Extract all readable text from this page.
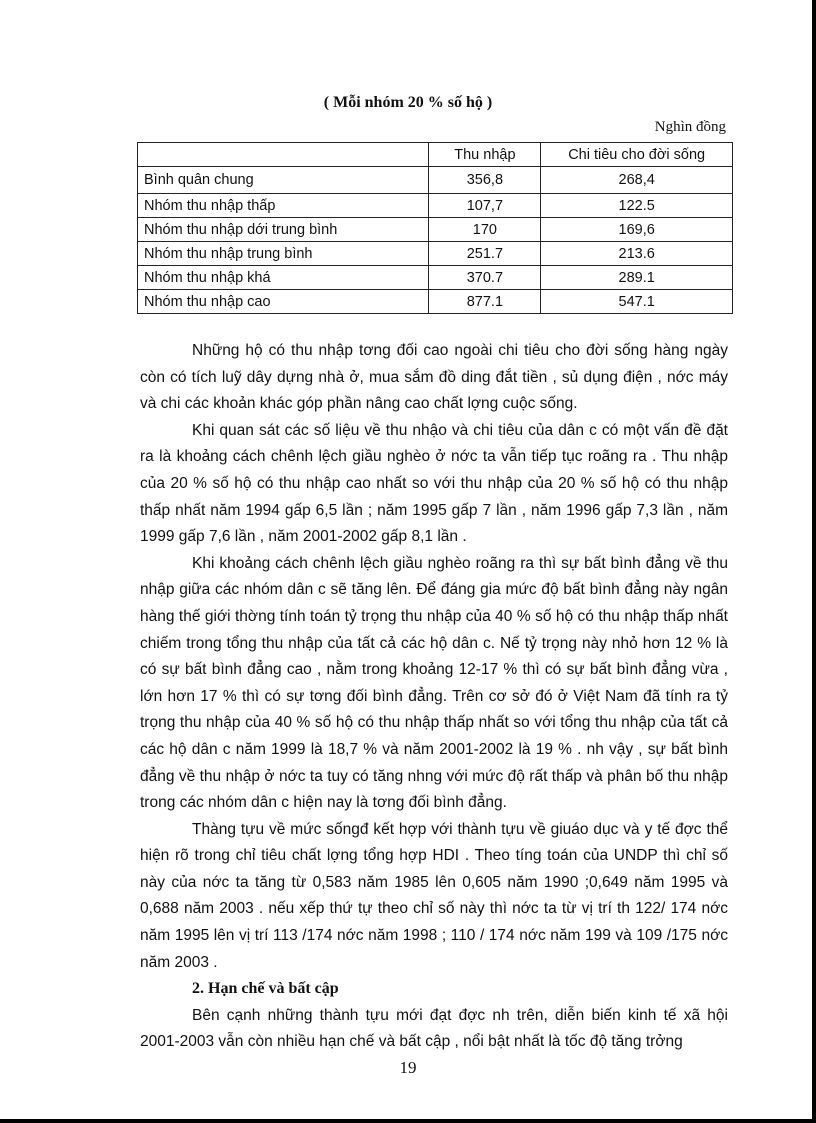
( Mỗi nhóm 20 % số hộ )
Nghìn đồng
	Thu nhập	Chi tiêu cho đời sống
Bình quân chung	356,8	268,4
Nhóm thu nhập thấp	107,7	122.5
Nhóm thu nhập dới trung bình	170	169,6
Nhóm thu nhập trung bình	251.7	213.6
Nhóm thu nhập khá	370.7	289.1
Nhóm thu nhập cao	877.1	547.1

Những hộ có thu nhập tơng đối cao ngoài chi tiêu cho đời sống hàng ngày còn có tích luỹ dây dựng nhà ở, mua sắm đồ ding đắt tiền , sủ dụng điện , nớc máy và chi các khoản khác góp phần nâng cao chất lợng cuộc sống.

Khi quan sát các số liệu về thu nhậo và chi tiêu của dân c có một vấn đề đặt ra là khoảng cách chênh lệch giầu nghèo ở nớc ta vẫn tiếp tục roãng ra . Thu nhập của 20 % số hộ có thu nhập cao nhất so với thu nhập của 20 % số hộ có thu nhập thấp nhất năm 1994 gấp 6,5 lần ; năm 1995 gấp 7 lần , năm 1996 gấp 7,3 lần , năm 1999 gấp 7,6 lần , năm 2001-2002 gấp 8,1 lần .

Khi khoảng cách chênh lệch giầu nghèo roãng ra thì sự bất bình đẳng về thu nhập giữa các nhóm dân c sẽ tăng lên. Để đáng gia mức độ bất bình đẳng này ngân hàng thế giới thờng tính toán tỷ trọng thu nhập của 40 % số hộ có thu nhập thấp nhất chiếm trong tổng thu nhập của tất cả các hộ dân c. Nế tỷ trọng này nhỏ hơn 12 % là có sự bất bình đẳng cao , nằm trong khoảng 12-17 % thì có sự bất bình đẳng vừa , lớn hơn 17 % thì có sự tơng đối bình đẳng. Trên cơ sở đó ở Việt Nam đã tính ra tỷ trọng thu nhập của 40 % số hộ có thu nhập thấp nhất so với tổng thu nhập của tất cả các hộ dân c năm 1999 là 18,7 % và năm 2001-2002 là 19 % . nh vậy , sự bất bình đẳng về thu nhập ở nớc ta tuy có tăng nhng với mức độ rất thấp và phân bố thu nhập trong các nhóm dân c hiện nay là tơng đối bình đẳng.

Thàng tựu về mức sốngđ kết hợp với thành tựu về giuáo dục và y tế đợc thể hiện rõ trong chỉ tiêu chất lợng tổng hợp HDI . Theo tíng toán của UNDP thì chỉ số này của nớc ta tăng từ 0,583 năm 1985 lên 0,605 năm 1990 ;0,649 năm 1995 và 0,688 năm 2003 . nếu xếp thứ tự theo chỉ số này thì nớc ta từ vị trí th 122/ 174 nớc năm 1995 lên vị trí 113 /174 nớc năm 1998 ; 110 / 174 nớc năm 199 và 109 /175 nớc năm 2003 .

2. Hạn chế và bất cập

Bên cạnh những thành tựu mới đạt đợc nh trên, diễn biến kinh tế xã hội 2001-2003 vẫn còn nhiều hạn chế và bất cập , nổi bật nhất là tốc độ tăng trởng

19
